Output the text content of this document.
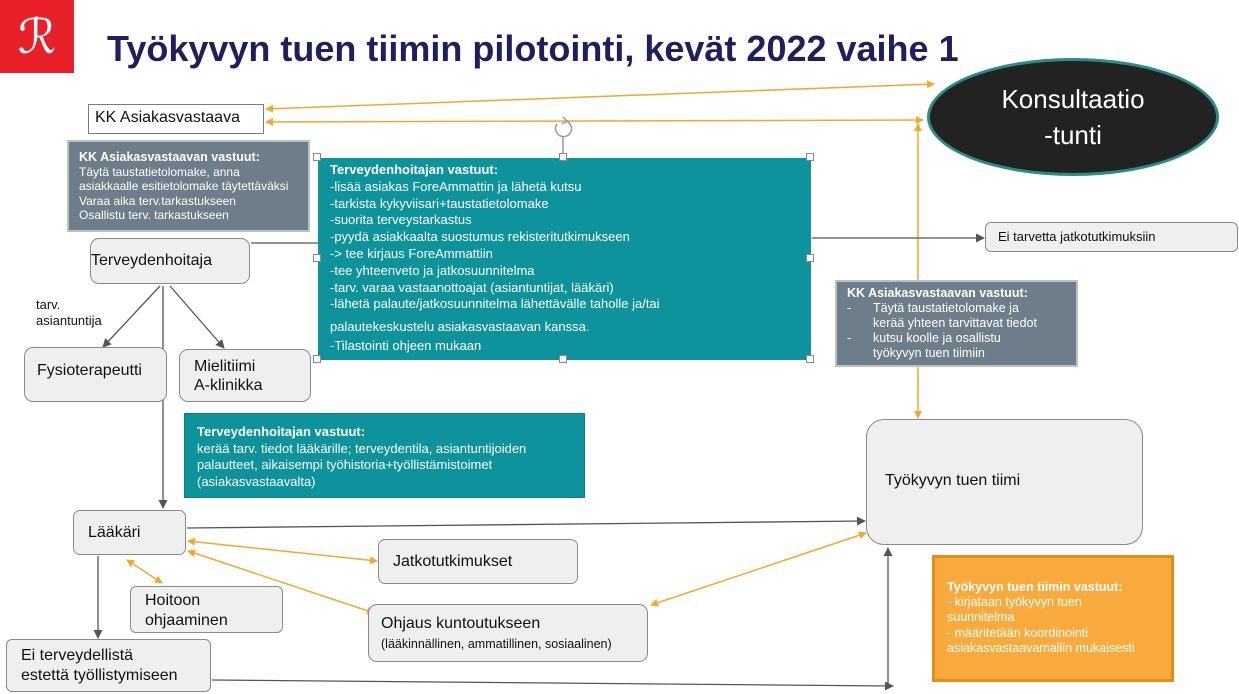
ℛ Työkyvyn tuen tiimin pilotointi, kevät 2022 vaihe 1
Konsultaatio
-tunti
KK Asiakasvastaava
KK Asiakasvastaavan vastuut:
Täytä taustatietolomake, anna
asiakkaalle esitietolomake täytettäväksi
Varaa aika terv.tarkastukseen
Osallistu terv. tarkastukseen
Terveydenhoitaja
Terveydenhoitajan vastuut:
-lisää asiakas ForeAmmattin ja lähetä kutsu
-tarkista kykyviisari+taustatietolomake
-suorita terveystarkastus
-pyydä asiakkaalta suostumus rekisteritutkimukseen
-> tee kirjaus ForeAmmattiin
-tee yhteenveto ja jatkosuunnitelma
-tarv. varaa vastaanottoajat (asiantuntijat, lääkäri)
-lähetä palaute/jatkosuunnitelma lähettävälle taholle ja/tai
palautekeskustelu asiakasvastaavan kanssa.
-Tilastointi ohjeen mukaan
Ei tarvetta jatkotutkimuksiin
tarv.
asiantuntija
Fysioterapeutti	Mielitiimi
A-klinikka
KK Asiakasvastaavan vastuut:
-	Täytä taustatietolomake ja
kerää yhteen tarvittavat tiedot
-	kutsu koolle ja osallistu
työkyvyn tuen tiimiin
Terveydenhoitajan vastuut:
kerää tarv. tiedot lääkärille; terveydentila, asiantuntijoiden
palautteet, aikaisempi työhistoria+työllistämistoimet
(asiakasvastaavalta)	Työkyvyn tuen tiimi
Lääkäri
Jatkotutkimukset
Hoitoon
ohjaaminen	Ohjaus kuntoutukseen
(lääkinnällinen, ammatillinen, sosiaalinen)
Ei terveydellistä
estettä työllistymiseen
Työkyvyn tuen tiimin vastuut:
- kirjataan työkyvyn tuen
suunnitelma
- määritetään koordinointi
asiakasvastaavamallin mukaisesti
